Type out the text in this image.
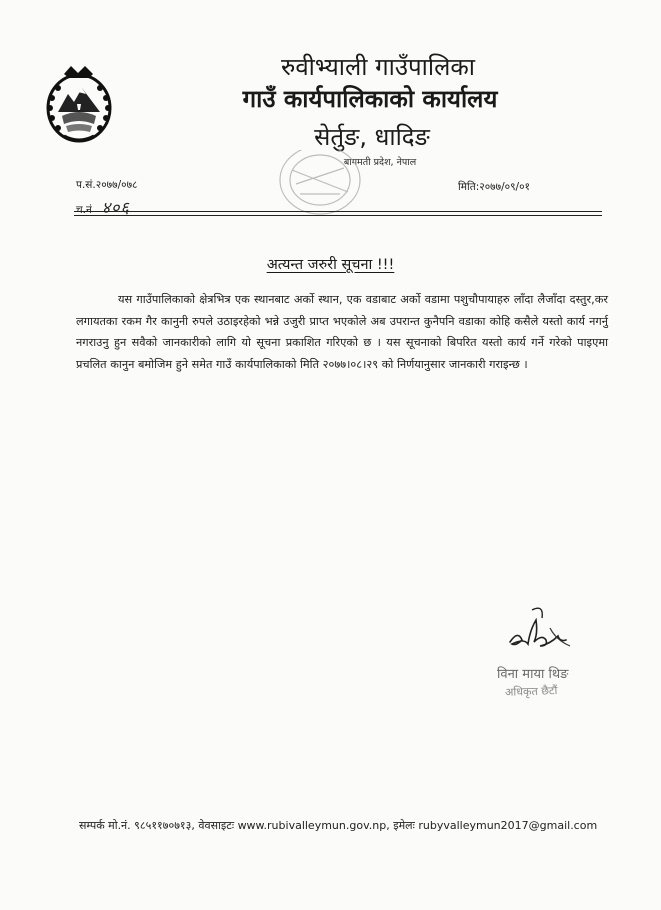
रुवीभ्याली गाउँपालिका
गाउँ कार्यपालिकाको कार्यालय
सेर्तुङ, धादिङ
बागमती प्रदेश, नेपाल
प.सं.२०७७/०७८
च.नं ४०६
मिति:२०७७/०९/०१
अत्यन्त जरुरी सूचना !!!
यस गाउँपालिकाको क्षेत्रभित्र एक स्थानबाट अर्को स्थान, एक वडाबाट अर्को वडामा पशुचौपायाहरु लाँदा लैजाँदा दस्तुर,कर लगायतका रकम गैर कानुनी रुपले उठाइरहेको भन्ने उजुरी प्राप्त भएकोले अब उपरान्त कुनैपनि वडाका कोहि कसैले यस्तो कार्य नगर्नु नगराउनु हुन सवैको जानकारीको लागि यो सूचना प्रकाशित गरिएको छ । यस सूचनाको बिपरित यस्तो कार्य गर्ने गरेको पाइएमा प्रचलित कानुन बमोजिम हुने समेत गाउँ कार्यपालिकाको मिति २०७७।०८।२९ को निर्णयानुसार जानकारी गराइन्छ ।
विना माया थिङ
अधिकृत छैटौं
सम्पर्क मो.नं. ९८५११७०७१३, वेवसाइटः www.rubivalleymun.gov.np, इमेलः rubyvalleymun2017@gmail.com
